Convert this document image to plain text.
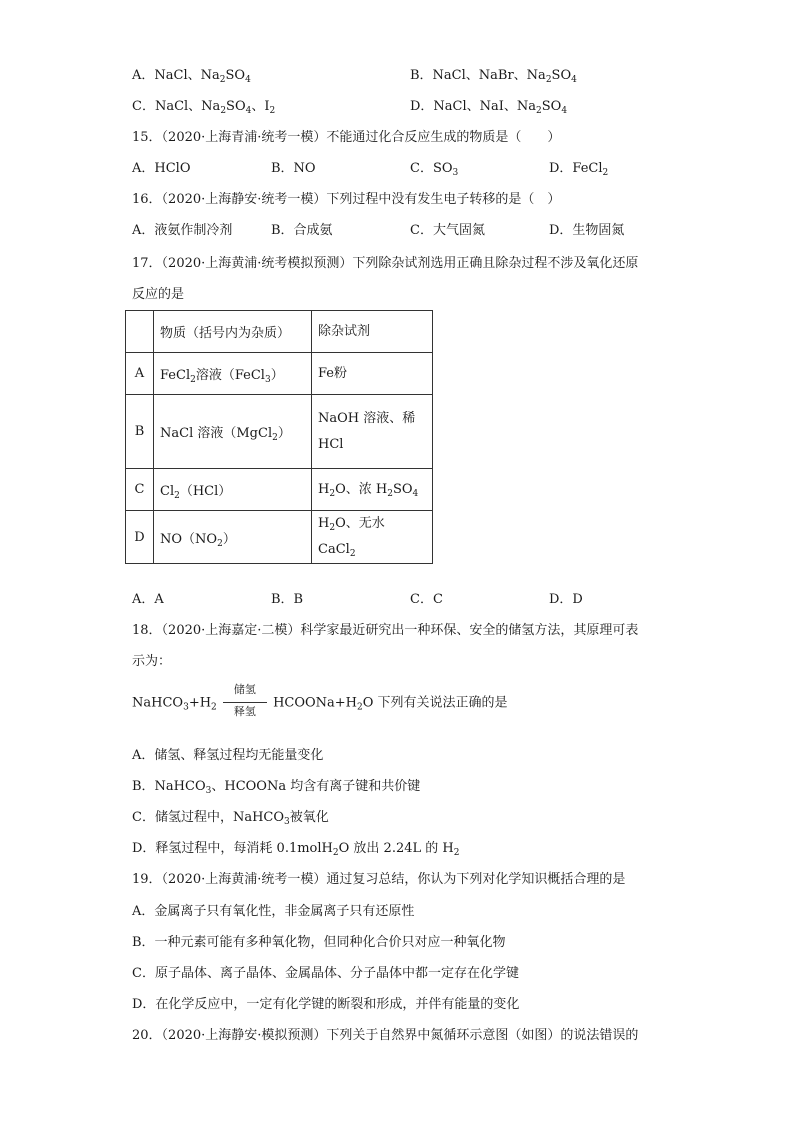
A．NaCl、$Na_2SO_4$	B．NaCl、NaBr、$Na_2SO_4$
C．NaCl、$Na_2SO_4$、$I_2$	D．NaCl、NaI、$Na_2SO_4$
15．（2020·上海青浦·统考一模）不能通过化合反应生成的物质是（　　）
A．HClO	B．NO	C．$SO_3$	D．FeCl$_2$
16．（2020·上海静安·统考一模）下列过程中没有发生电子转移的是（　）
A．液氨作制冷剂	B．合成氨	C．大气固氮	D．生物固氮
17．（2020·上海黄浦·统考模拟预测）下列除杂试剂选用正确且除杂过程不涉及氧化还原
反应的是
	物质（括号内为杂质）	除杂试剂
A	FeCl$_2$溶液（FeCl$_3$）	Fe粉
B	NaCl 溶液（MgCl$_2$）	NaOH 溶液、稀HCl
C	$Cl_2(HCl)$	$H_2O$、浓 $H_2SO_4$
D	$NO(NO_2)$	$H_2O$、无水 CaCl$_2$
A．A	B．B	C．C	D．D
18．（2020·上海嘉定·二模）科学家最近研究出一种环保、安全的储氢方法，其原理可表
示为：
$NaHCO_3+H_2$
储氢
释氢
$HCOONa+H_2O$ 下列有关说法正确的是
A．储氢、释氢过程均无能量变化
B．NaHCO$_3$、HCOONa 均含有离子键和共价键
C．储氢过程中，NaHCO$_3$被氧化
D．释氢过程中，每消耗 0.1molH$_2$O 放出 2.24L 的 $H_2$
19．（2020·上海黄浦·统考一模）通过复习总结，你认为下列对化学知识概括合理的是
A．金属离子只有氧化性，非金属离子只有还原性
B．一种元素可能有多种氧化物，但同种化合价只对应一种氧化物
C．原子晶体、离子晶体、金属晶体、分子晶体中都一定存在化学键
D．在化学反应中，一定有化学键的断裂和形成，并伴有能量的变化
20．（2020·上海静安·模拟预测）下列关于自然界中氮循环示意图（如图）的说法错误的
